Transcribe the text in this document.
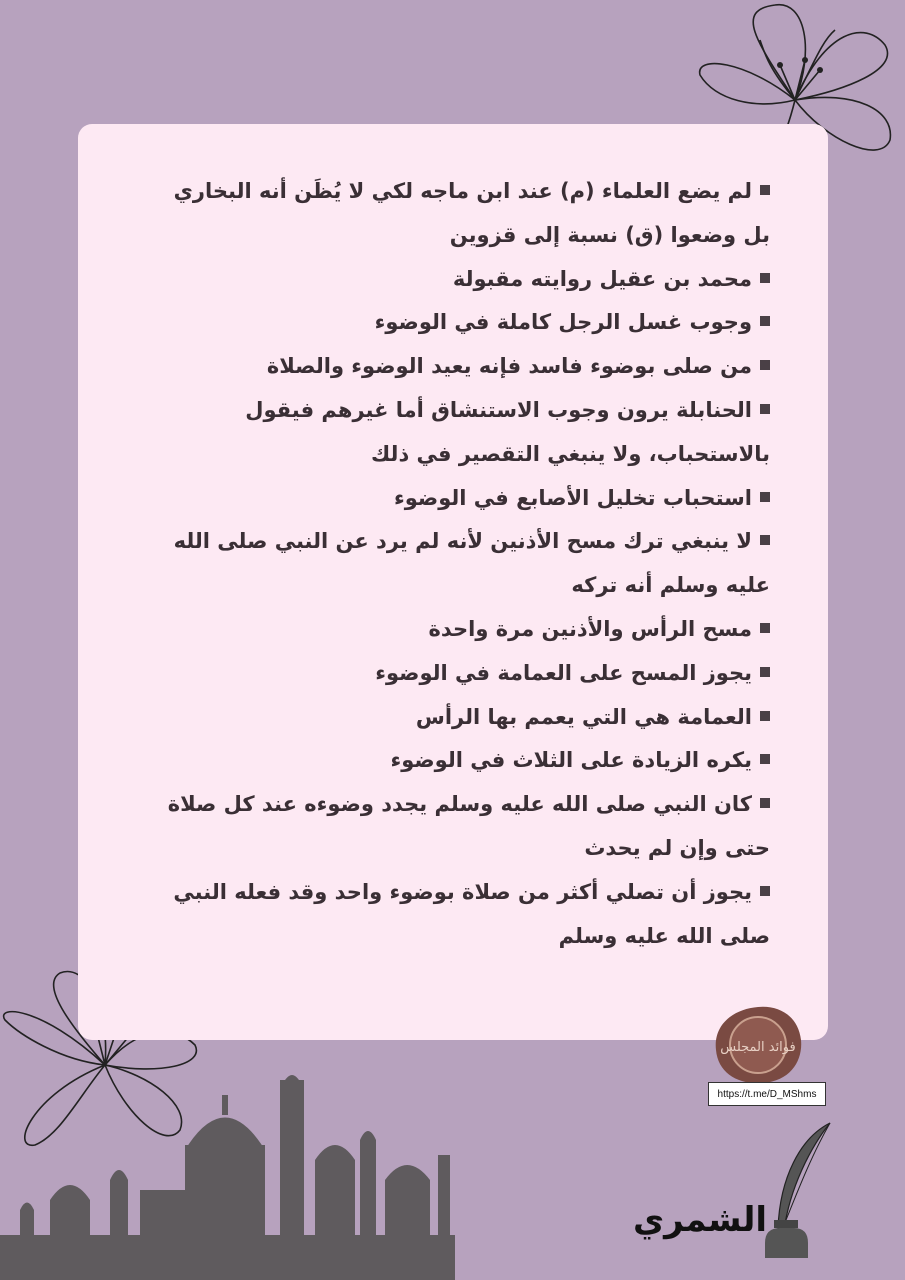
لم يضع العلماء (م) عند ابن ماجه لكي لا يُظَن أنه البخاري بل وضعوا (ق) نسبة إلى قزوين

محمد بن عقيل روايته مقبولة

وجوب غسل الرجل كاملة في الوضوء

من صلى بوضوء فاسد فإنه يعيد الوضوء والصلاة

الحنابلة يرون وجوب الاستنشاق أما غيرهم فيقول بالاستحباب، ولا ينبغي التقصير في ذلك

استحباب تخليل الأصابع في الوضوء

لا ينبغي ترك مسح الأذنين لأنه لم يرد عن النبي صلى الله عليه وسلم أنه تركه

مسح الرأس والأذنين مرة واحدة

يجوز المسح على العمامة في الوضوء

العمامة هي التي يعمم بها الرأس

يكره الزيادة على الثلاث في الوضوء

كان النبي صلى الله عليه وسلم يجدد وضوءه عند كل صلاة حتى وإن لم يحدث

يجوز أن تصلي أكثر من صلاة بوضوء واحد وقد فعله النبي صلى الله عليه وسلم

فوائد المجلس
https://t.me/D_MShms
الشمري
